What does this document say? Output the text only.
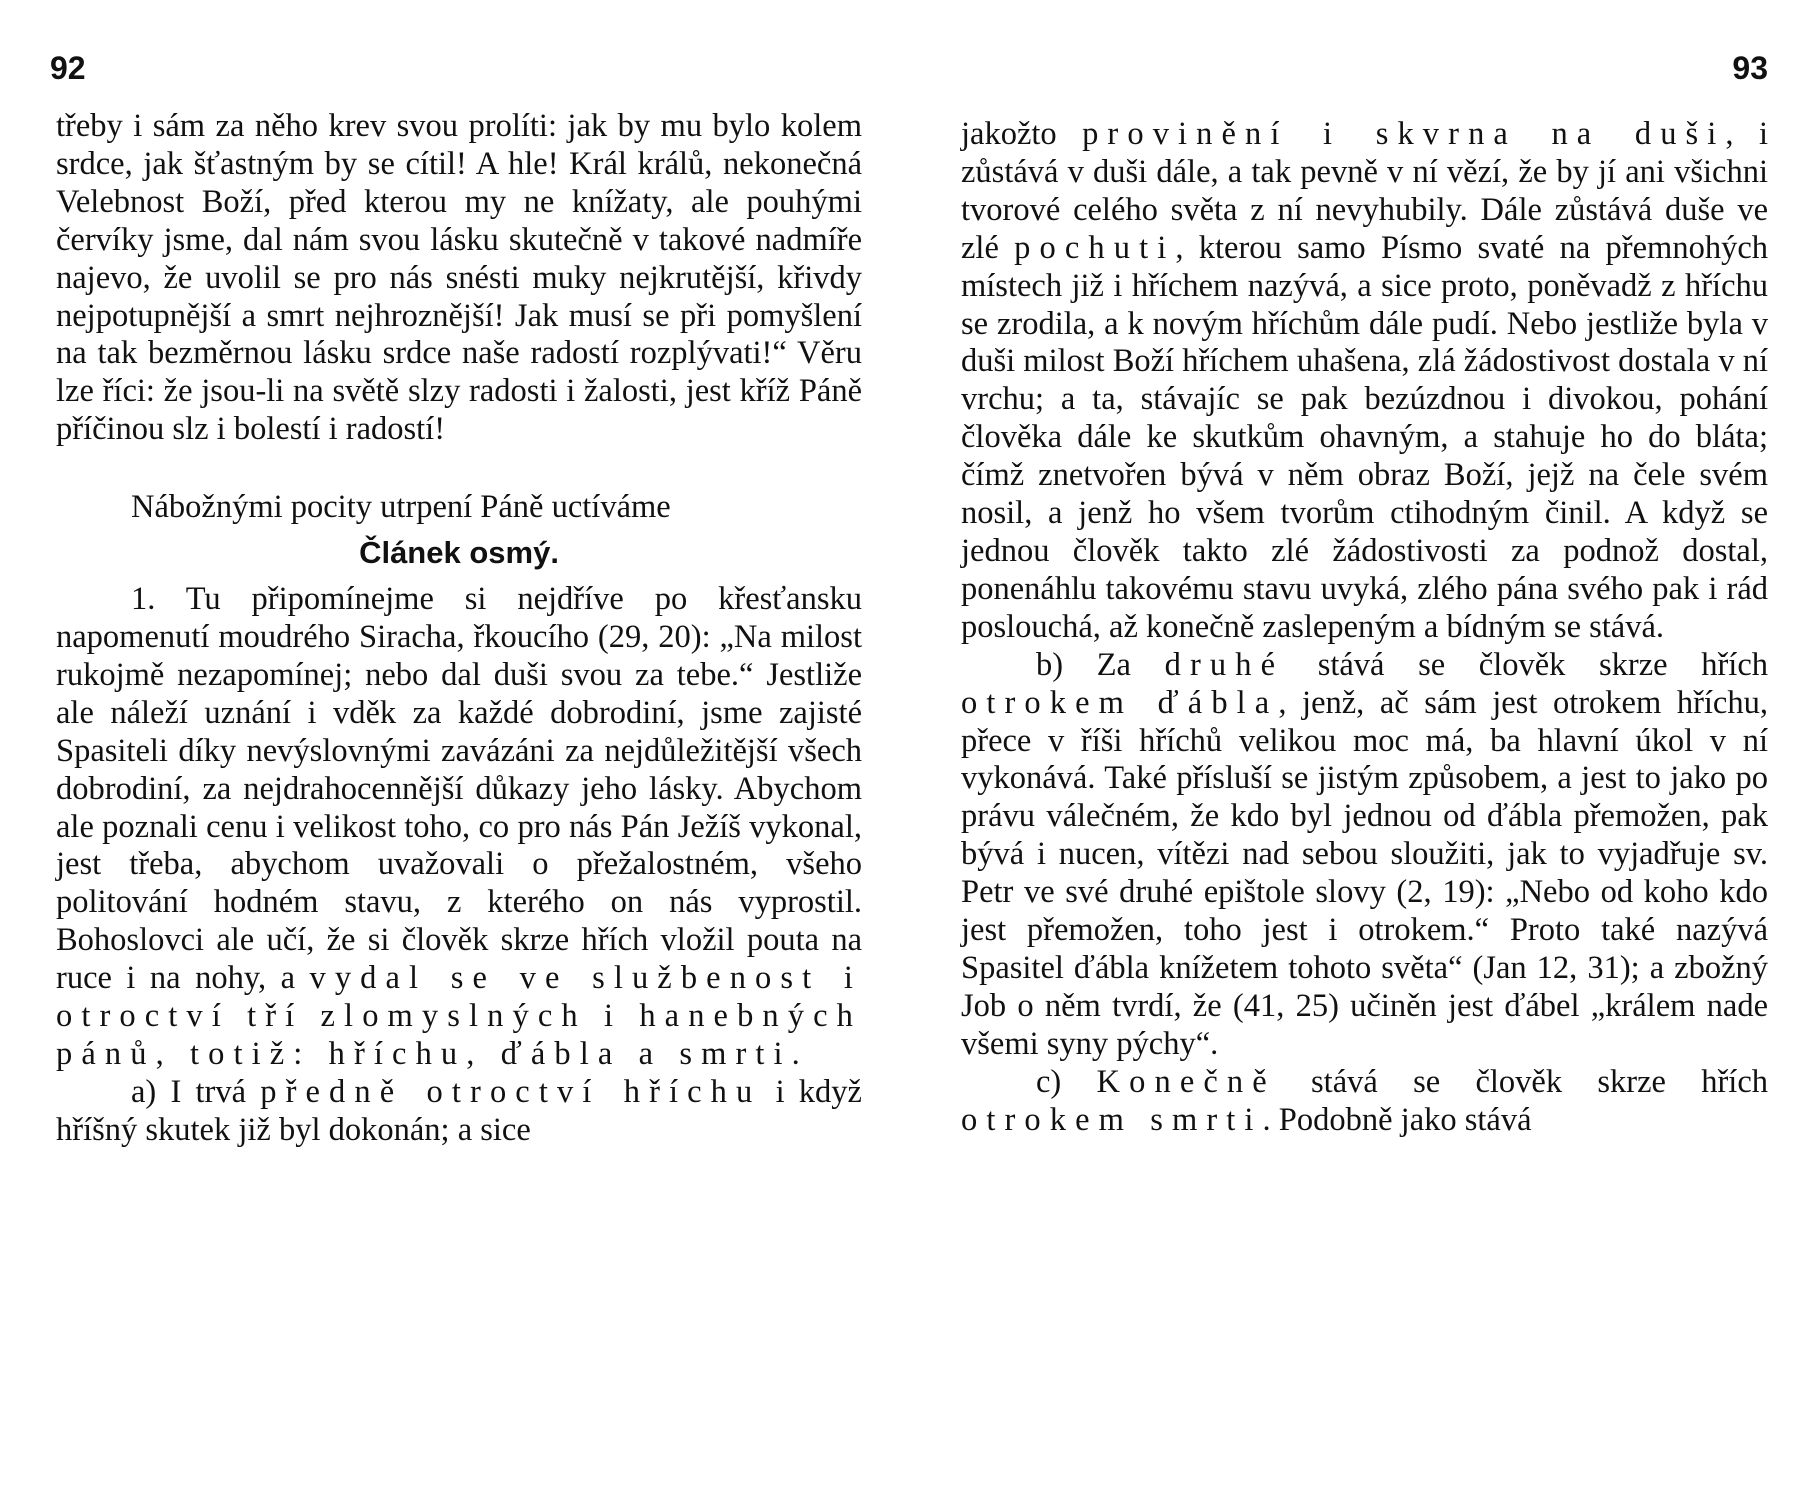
92

třeby i sám za něho krev svou prolíti: jak by mu bylo kolem srdce, jak šťastným by se cítil! A hle! Král králů, nekonečná Velebnost Boží, před kterou my ne knížaty, ale pouhými červíky jsme, dal nám svou lásku skutečně v takové nadmíře najevo, že uvolil se pro nás snésti muky nejkrutější, křivdy nejpotupnější a smrt nejhroznější! Jak musí se při pomyšlení na tak bezměrnou lásku srdce naše radostí rozplývati!“ Věru lze říci: že jsou-li na světě slzy radosti i žalosti, jest kříž Páně příčinou slz i bolestí i radostí!

Nábožnými pocity utrpení Páně uctíváme

Článek osmý.

1. Tu připomínejme si nejdříve po křesťansku napomenutí moudrého Siracha, řkoucího (29, 20): „Na milost rukojmě nezapomínej; nebo dal duši svou za tebe.“ Jestliže ale náleží uznání i vděk za každé dobrodiní, jsme zajisté Spasiteli díky nevýslovnými zavázáni za nejdůležitější všech dobrodiní, za nejdrahocennější důkazy jeho lásky. Abychom ale poznali cenu i velikost toho, co pro nás Pán Ježíš vykonal, jest třeba, abychom uvažovali o přežalostném, všeho politování hodném stavu, z kterého on nás vyprostil. Bohoslovci ale učí, že si člověk skrze hřích vložil pouta na ruce i na nohy, a vydal se ve službenost i otroctví tří zlomyslných i hanebných pánů, totiž: hříchu, ďábla a smrti.

a) I trvá předně otroctví hříchu i když hříšný skutek již byl dokonán; a sice

93

jakožto provinění i skvrna na duši, i zůstává v duši dále, a tak pevně v ní vězí, že by jí ani všichni tvorové celého světa z ní nevyhubily. Dále zůstává duše ve zlé pochuti, kterou samo Písmo svaté na přemnohých místech již i hříchem nazývá, a sice proto, poněvadž z hříchu se zrodila, a k novým hříchům dále pudí. Nebo jestliže byla v duši milost Boží hříchem uhašena, zlá žádostivost dostala v ní vrchu; a ta, stávajíc se pak bezúzdnou i divokou, pohání člověka dále ke skutkům ohavným, a stahuje ho do bláta; čímž znetvořen bývá v něm obraz Boží, jejž na čele svém nosil, a jenž ho všem tvorům ctihodným činil. A když se jednou člověk takto zlé žádostivosti za podnož dostal, ponenáhlu takovému stavu uvyká, zlého pána svého pak i rád poslouchá, až konečně zaslepeným a bídným se stává.

b) Za druhé stává se člověk skrze hřích otrokem ďábla, jenž, ač sám jest otrokem hříchu, přece v říši hříchů velikou moc má, ba hlavní úkol v ní vykonává. Také přísluší se jistým způsobem, a jest to jako po právu válečném, že kdo byl jednou od ďábla přemožen, pak bývá i nucen, vítězi nad sebou sloužiti, jak to vyjadřuje sv. Petr ve své druhé epištole slovy (2, 19): „Nebo od koho kdo jest přemožen, toho jest i otrokem.“ Proto také nazývá Spasitel ďábla knížetem tohoto světa“ (Jan 12, 31); a zbožný Job o něm tvrdí, že (41, 25) učiněn jest ďábel „králem nade všemi syny pýchy“.

c) Konečně stává se člověk skrze hřích otrokem smrti. Podobně jako stává
